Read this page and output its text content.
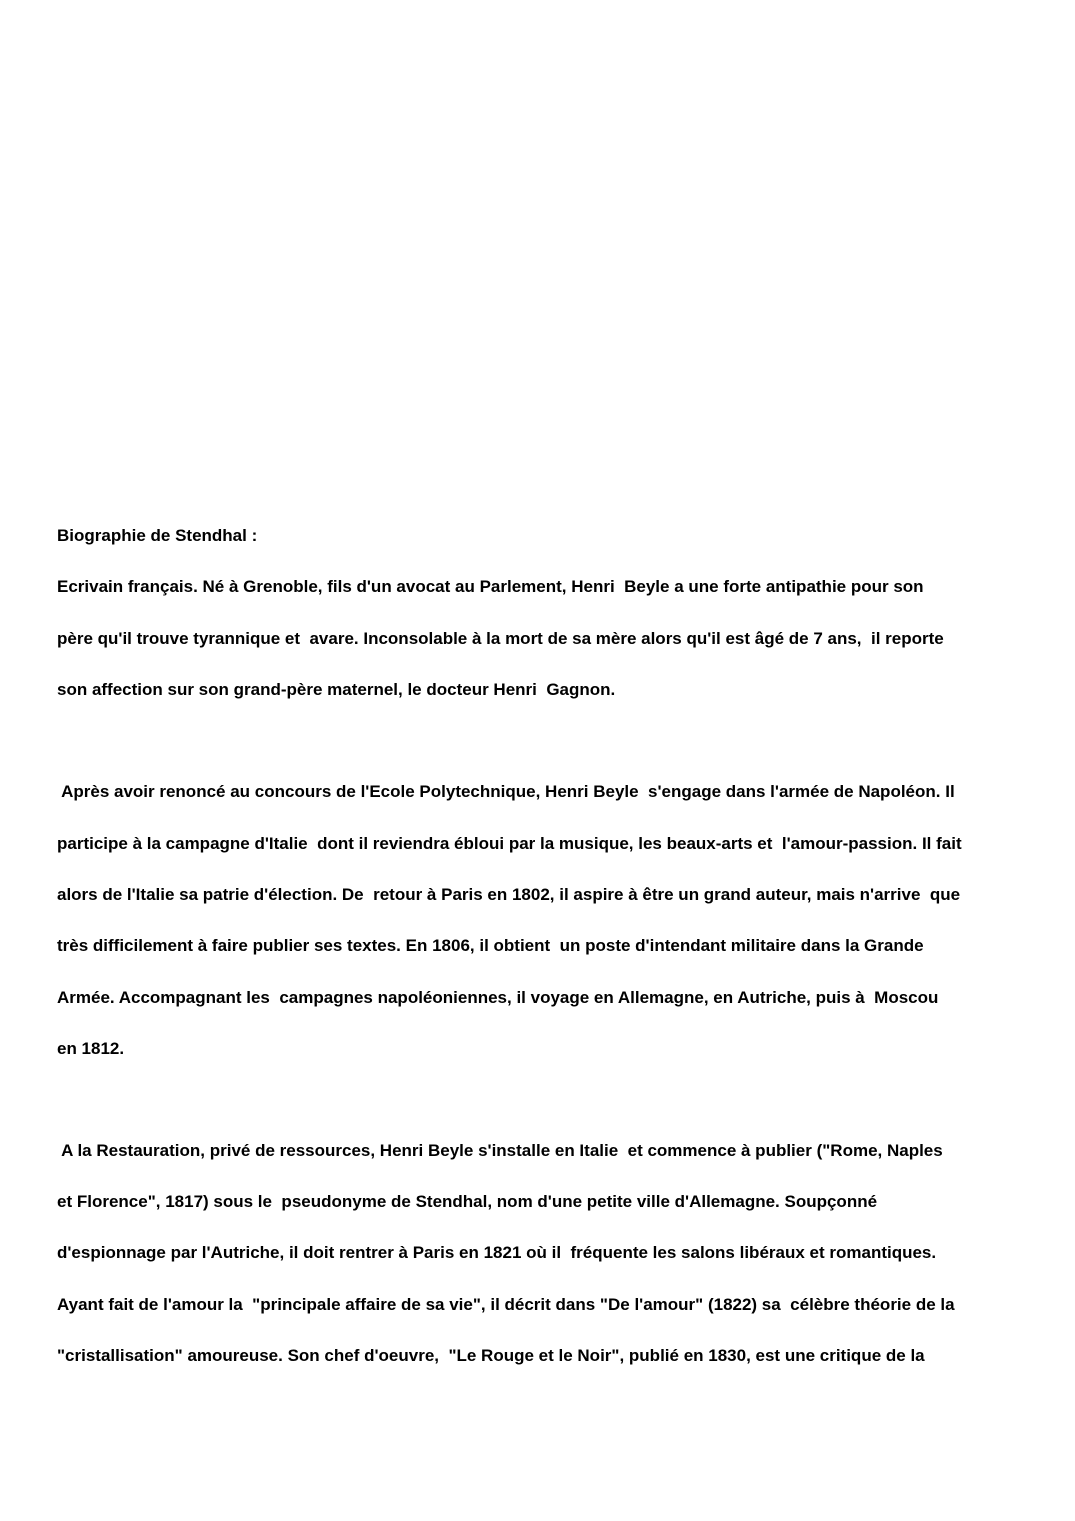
Biographie de Stendhal :
Ecrivain français. Né à Grenoble, fils d'un avocat au Parlement, Henri  Beyle a une forte antipathie pour son
père qu'il trouve tyrannique et  avare. Inconsolable à la mort de sa mère alors qu'il est âgé de 7 ans,  il reporte
son affection sur son grand-père maternel, le docteur Henri  Gagnon.
Après avoir renoncé au concours de l'Ecole Polytechnique, Henri Beyle  s'engage dans l'armée de Napoléon. Il
participe à la campagne d'Italie  dont il reviendra ébloui par la musique, les beaux-arts et  l'amour-passion. Il fait
alors de l'Italie sa patrie d'élection. De  retour à Paris en 1802, il aspire à être un grand auteur, mais n'arrive  que
très difficilement à faire publier ses textes. En 1806, il obtient  un poste d'intendant militaire dans la Grande
Armée. Accompagnant les  campagnes napoléoniennes, il voyage en Allemagne, en Autriche, puis à  Moscou
en 1812.
A la Restauration, privé de ressources, Henri Beyle s'installe en Italie  et commence à publier ("Rome, Naples
et Florence", 1817) sous le  pseudonyme de Stendhal, nom d'une petite ville d'Allemagne. Soupçonné
d'espionnage par l'Autriche, il doit rentrer à Paris en 1821 où il  fréquente les salons libéraux et romantiques.
Ayant fait de l'amour la  "principale affaire de sa vie", il décrit dans "De l'amour" (1822) sa  célèbre théorie de la
"cristallisation" amoureuse. Son chef d'oeuvre,  "Le Rouge et le Noir", publié en 1830, est une critique de la
